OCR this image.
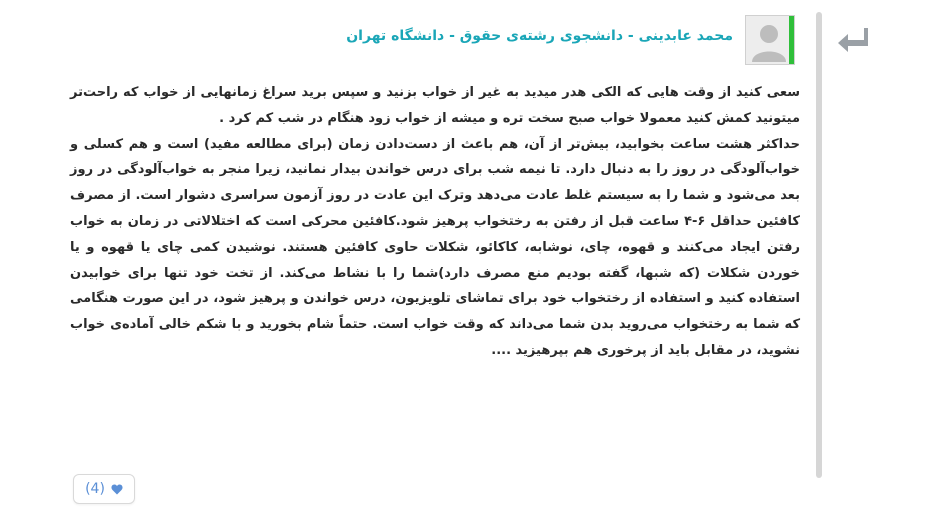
محمد عابدینی - دانشجوی رشته‌ی حقوق - دانشگاه تهران

سعی کنید از وقت هایی که الکی هدر میدید به غیر از خواب بزنید و سپس برید سراغ زمانهایی از خواب که راحت‌تر میتونید کمش کنید معمولا خواب صبح سخت تره و میشه از خواب زود هنگام در شب کم کرد .

حداکثر هشت ساعت بخوابید، بیش‌تر از آن، هم باعث از دست‌دادن زمان (برای مطالعه مفید) است و هم کسلی و خواب‌آلودگی در روز را به دنبال دارد. تا نیمه شب برای درس خواندن بیدار نمانید، زیرا منجر به خواب‌آلودگی در روز بعد می‌شود و شما را به سیستم غلط عادت می‌دهد وترک این عادت در روز آزمون سراسری دشوار است. از مصرف کافئین حداقل ۶-۴ ساعت قبل از رفتن به رختخواب پرهیز شود.کافئین محرکی است که اختلالاتی در زمان به خواب رفتن ایجاد می‌کنند و قهوه، چای، نوشابه، کاکائو، شکلات حاوی کافئین هستند. نوشیدن کمی چای یا قهوه و یا خوردن شکلات (که شبها، گفته بودیم منع مصرف دارد)شما را با نشاط می‌کند. از تخت خود تنها برای خوابیدن استفاده کنید و استفاده از رختخواب خود برای تماشای تلویزیون، درس خواندن و پرهیز شود، در این صورت هنگامی که شما به رختخواب می‌روید بدن شما می‌داند که وقت خواب است. حتماً شام بخورید و با شکم خالی آماده‌ی خواب نشوید، در مقابل باید از پرخوری هم بپرهیزید ....

(4)
